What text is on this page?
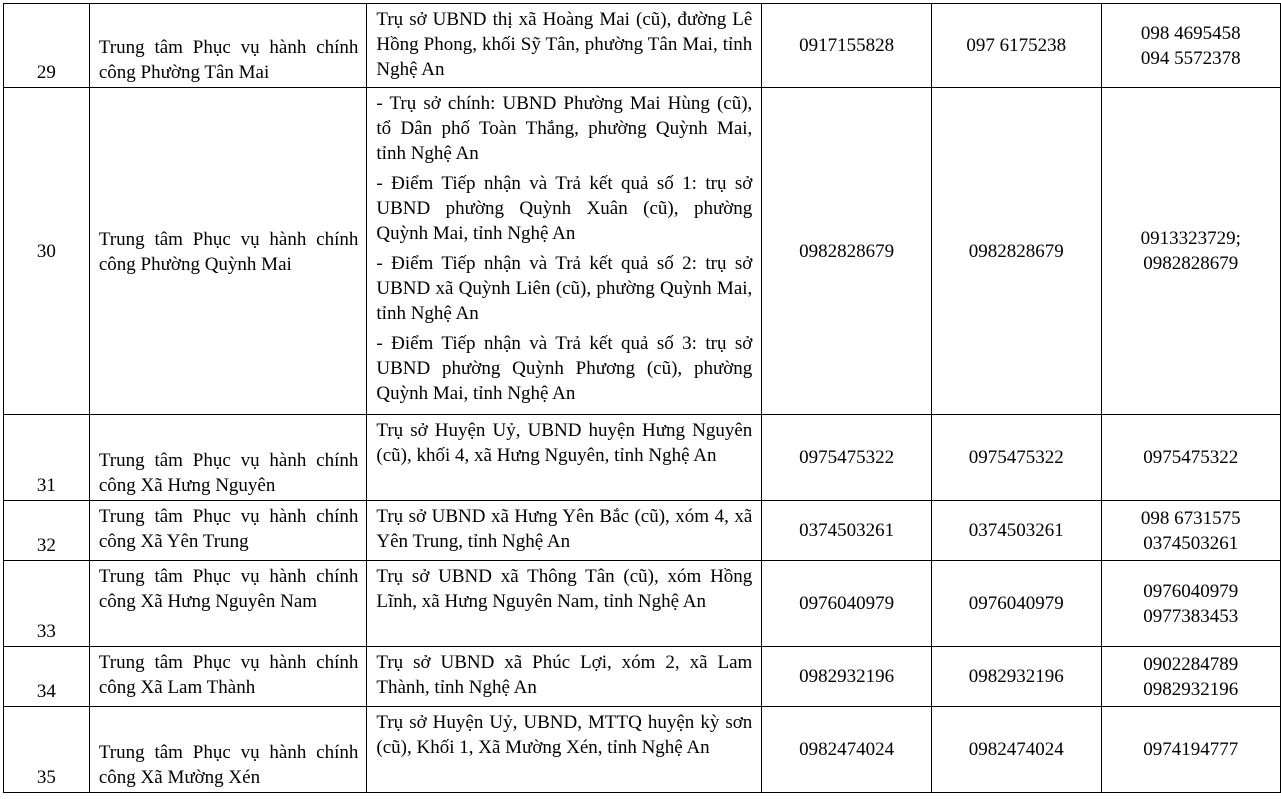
29	Trung tâm Phục vụ hành chính công Phường Tân Mai	Trụ sở UBND thị xã Hoàng Mai (cũ), đường Lê Hồng Phong, khối Sỹ Tân, phường Tân Mai, tỉnh Nghệ An	0917155828	097 6175238	098 4695458
094 5572378

30	Trung tâm Phục vụ hành chính công Phường Quỳnh Mai	- Trụ sở chính: UBND Phường Mai Hùng (cũ), tổ Dân phố Toàn Thắng, phường Quỳnh Mai, tỉnh Nghệ An
- Điểm Tiếp nhận và Trả kết quả số 1: trụ sở UBND phường Quỳnh Xuân (cũ), phường Quỳnh Mai, tỉnh Nghệ An
- Điểm Tiếp nhận và Trả kết quả số 2: trụ sở UBND xã Quỳnh Liên (cũ), phường Quỳnh Mai, tỉnh Nghệ An
- Điểm Tiếp nhận và Trả kết quả số 3: trụ sở UBND phường Quỳnh Phương (cũ), phường Quỳnh Mai, tỉnh Nghệ An	0982828679	0982828679	0913323729;
0982828679

31	Trung tâm Phục vụ hành chính công Xã Hưng Nguyên	Trụ sở Huyện Uỷ, UBND huyện Hưng Nguyên (cũ), khối 4, xã Hưng Nguyên, tỉnh Nghệ An	0975475322	0975475322	0975475322

32	Trung tâm Phục vụ hành chính công Xã Yên Trung	Trụ sở UBND xã Hưng Yên Bắc (cũ), xóm 4, xã Yên Trung, tỉnh Nghệ An	0374503261	0374503261	098 6731575
0374503261

33	Trung tâm Phục vụ hành chính công Xã Hưng Nguyên Nam	Trụ sở UBND xã Thông Tân (cũ), xóm Hồng Lĩnh, xã Hưng Nguyên Nam, tỉnh Nghệ An	0976040979	0976040979	0976040979
0977383453

34	Trung tâm Phục vụ hành chính công Xã Lam Thành	Trụ sở UBND xã Phúc Lợi, xóm 2, xã Lam Thành, tỉnh Nghệ An	0982932196	0982932196	0902284789
0982932196

35	Trung tâm Phục vụ hành chính công Xã Mường Xén	Trụ sở Huyện Uỷ, UBND, MTTQ huyện kỳ sơn (cũ), Khối 1, Xã Mường Xén, tỉnh Nghệ An	0982474024	0982474024	0974194777
